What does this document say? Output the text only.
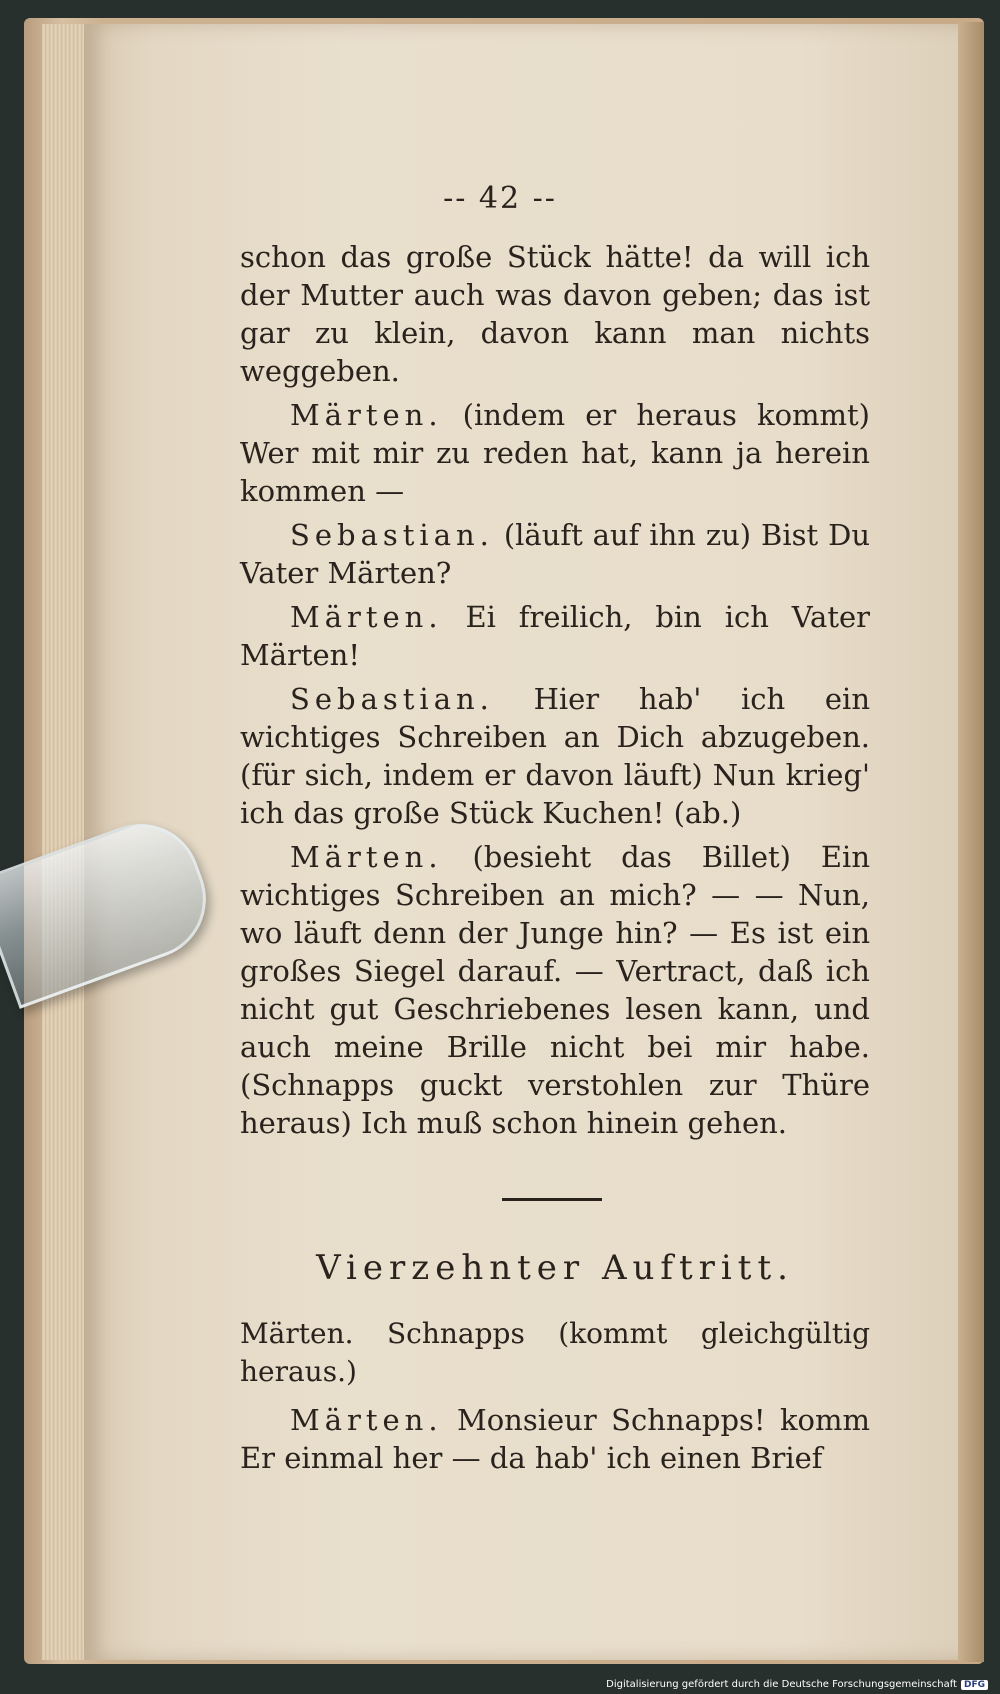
-- 42 --

schon das große Stück hätte! da will ich der Mutter auch was davon geben; das ist gar zu klein, davon kann man nichts weggeben.

Märten. (indem er heraus kommt) Wer mit mir zu reden hat, kann ja herein kommen —

Sebastian. (läuft auf ihn zu) Bist Du Vater Märten?

Märten. Ei freilich, bin ich Vater Märten!

Sebastian. Hier hab' ich ein wichtiges Schreiben an Dich abzugeben. (für sich, indem er davon läuft) Nun krieg' ich das große Stück Kuchen! (ab.)

Märten. (besieht das Billet) Ein wichtiges Schreiben an mich? — — Nun, wo läuft denn der Junge hin? — Es ist ein großes Siegel darauf. — Vertract, daß ich nicht gut Geschriebenes lesen kann, und auch meine Brille nicht bei mir habe. (Schnapps guckt verstohlen zur Thüre heraus) Ich muß schon hinein gehen.

Vierzehnter Auftritt.

Märten. Schnapps (kommt gleichgültig heraus.)

Märten. Monsieur Schnapps! komm Er einmal her — da hab' ich einen Brief

Digitalisierung gefördert durch die Deutsche Forschungsgemeinschaft DFG
